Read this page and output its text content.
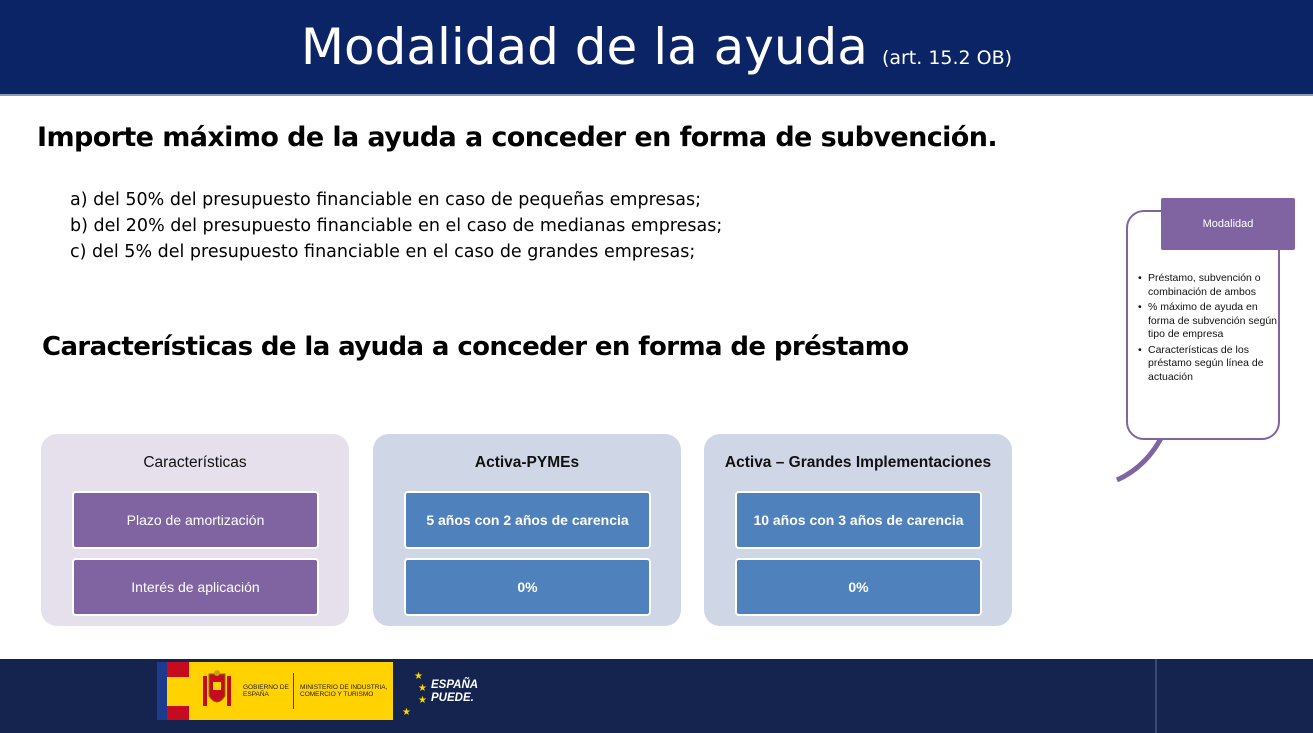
Modalidad de la ayuda (art. 15.2 OB)
Importe máximo de la ayuda a conceder en forma de subvención.
a) del 50% del presupuesto financiable en caso de pequeñas empresas;
b) del 20% del presupuesto financiable en el caso de medianas empresas;
c) del 5% del presupuesto financiable en el caso de grandes empresas;
Características de la ayuda a conceder en forma de préstamo
Características
Plazo de amortización
Interés de aplicación
Activa-PYMEs
5 años con 2 años de carencia
0%
Activa – Grandes Implementaciones
10 años con 3 años de carencia
0%
Modalidad
• Préstamo, subvención o combinación de ambos
• % máximo de ayuda en forma de subvención según tipo de empresa
• Características de los préstamo según línea de actuación
GOBIERNO DE ESPAÑA
MINISTERIO DE INDUSTRIA, COMERCIO Y TURISMO
★
★
★
★
ESPAÑA
PUEDE.
